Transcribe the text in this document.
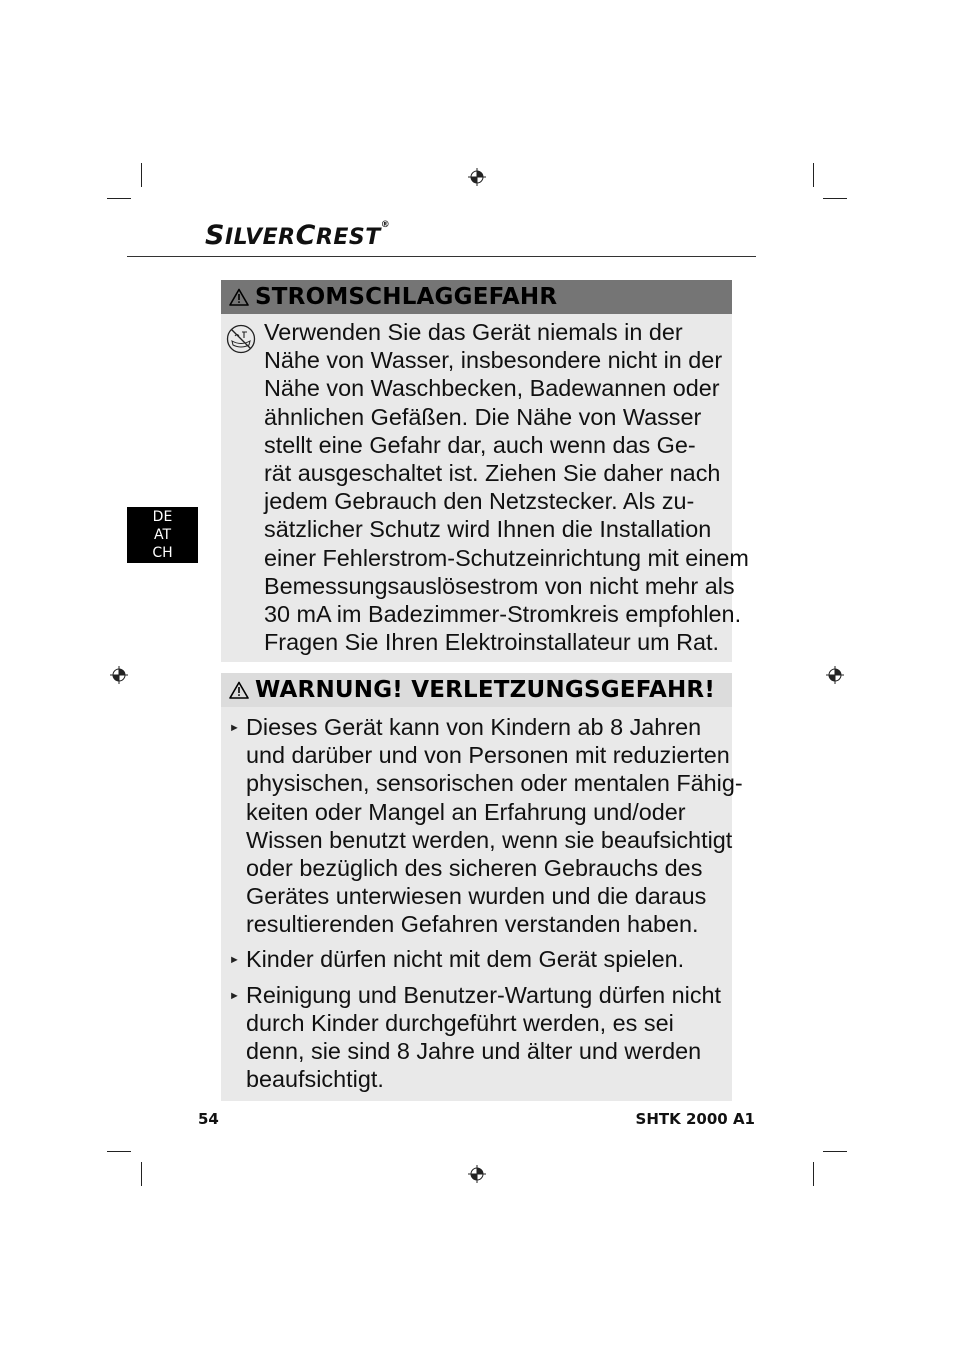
SILVERCREST®
DE
AT
CH
STROMSCHLAGGEFAHR
Verwenden Sie das Gerät niemals in der
Nähe von Wasser, insbesondere nicht in der
Nähe von Waschbecken, Badewannen oder
ähnlichen Gefäßen. Die Nähe von Wasser
stellt eine Gefahr dar, auch wenn das Ge-
rät ausgeschaltet ist. Ziehen Sie daher nach
jedem Gebrauch den Netzstecker. Als zu-
sätzlicher Schutz wird Ihnen die Installation
einer Fehlerstrom-Schutzeinrichtung mit einem
Bemessungsauslösestrom von nicht mehr als
30 mA im Badezimmer-Stromkreis empfohlen.
Fragen Sie Ihren Elektroinstallateur um Rat.
WARNUNG! VERLETZUNGSGEFAHR!
► Dieses Gerät kann von Kindern ab 8 Jahren
und darüber und von Personen mit reduzierten
physischen, sensorischen oder mentalen Fähig-
keiten oder Mangel an Erfahrung und/oder
Wissen benutzt werden, wenn sie beaufsichtigt
oder bezüglich des sicheren Gebrauchs des
Gerätes unterwiesen wurden und die daraus
resultierenden Gefahren verstanden haben.
► Kinder dürfen nicht mit dem Gerät spielen.
► Reinigung und Benutzer-Wartung dürfen nicht
durch Kinder durchgeführt werden, es sei
denn, sie sind 8 Jahre und älter und werden
beaufsichtigt.
54	SHTK 2000 A1
